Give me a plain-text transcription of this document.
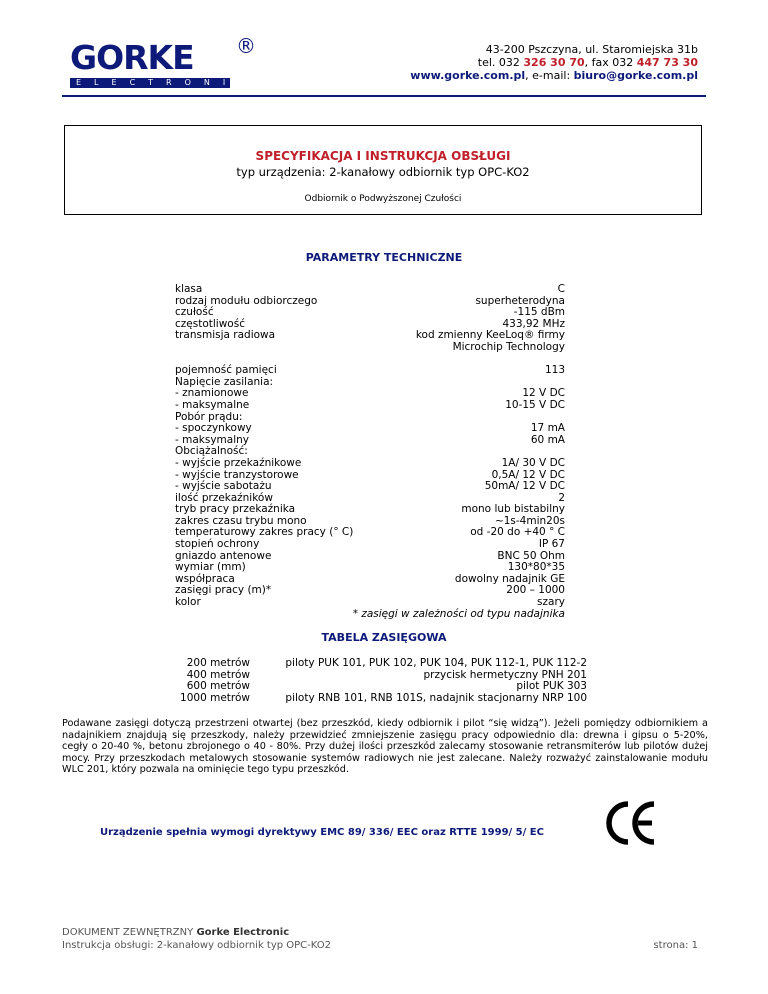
GORKE
ELECTRONIC
®	43-200 Pszczyna, ul. Staromiejska 31b
tel. 032 326 30 70, fax 032 447 73 30
www.gorke.com.pl, e-mail: biuro@gorke.com.pl
SPECYFIKACJA I INSTRUKCJA OBSŁUGI
typ urządzenia: 2-kanałowy odbiornik typ OPC-KO2
Odbiornik o Podwyższonej Czułości
PARAMETRY TECHNICZNE
klasa	C
rodzaj modułu odbiorczego	superheterodyna
czułość	-115 dBm
częstotliwość	433,92 MHz
transmisja radiowa	kod zmienny KeeLoq® firmy
Microchip Technology
pojemność pamięci	113
Napięcie zasilania:
- znamionowe	12 V DC
- maksymalne	10-15 V DC
Pobór prądu:
- spoczynkowy	17 mA
- maksymalny	60 mA
Obciążalność:
- wyjście przekaźnikowe	1A/ 30 V DC
- wyjście tranzystorowe	0,5A/ 12 V DC
- wyjście sabotażu	50mA/ 12 V DC
ilość przekaźników	2
tryb pracy przekaźnika	mono lub bistabilny
zakres czasu trybu mono	~1s-4min20s
temperaturowy zakres pracy (° C)	od -20 do +40 ° C
stopień ochrony	IP 67
gniazdo antenowe	BNC 50 Ohm
wymiar (mm)	130*80*35
współpraca	dowolny nadajnik GE
zasięgi pracy (m)*	200 – 1000
kolor	szary
* zasięgi w zależności od typu nadajnika
TABELA ZASIĘGOWA
200 metrów	piloty PUK 101, PUK 102, PUK 104, PUK 112-1, PUK 112-2
400 metrów	przycisk hermetyczny PNH 201
600 metrów	pilot PUK 303
1000 metrów	piloty RNB 101, RNB 101S, nadajnik stacjonarny NRP 100
Podawane zasięgi dotyczą przestrzeni otwartej (bez przeszkód, kiedy odbiornik i pilot “się widzą”). Jeżeli pomiędzy odbiornikiem a nadajnikiem znajdują się przeszkody, należy przewidzieć zmniejszenie zasięgu pracy odpowiednio dla: drewna i gipsu o 5-20%, cegły o 20-40 %, betonu zbrojonego o 40 - 80%. Przy dużej ilości przeszkód zalecamy stosowanie retransmiterów lub pilotów dużej mocy. Przy przeszkodach metalowych stosowanie systemów radiowych nie jest zalecane. Należy rozważyć zainstalowanie modułu WLC 201, który pozwala na ominięcie tego typu przeszkód.
Urządzenie spełnia wymogi dyrektywy EMC 89/ 336/ EEC oraz RTTE 1999/ 5/ EC
DOKUMENT ZEWNĘTRZNY Gorke Electronic
Instrukcja obsługi: 2-kanałowy odbiornik typ OPC-KO2	strona: 1
